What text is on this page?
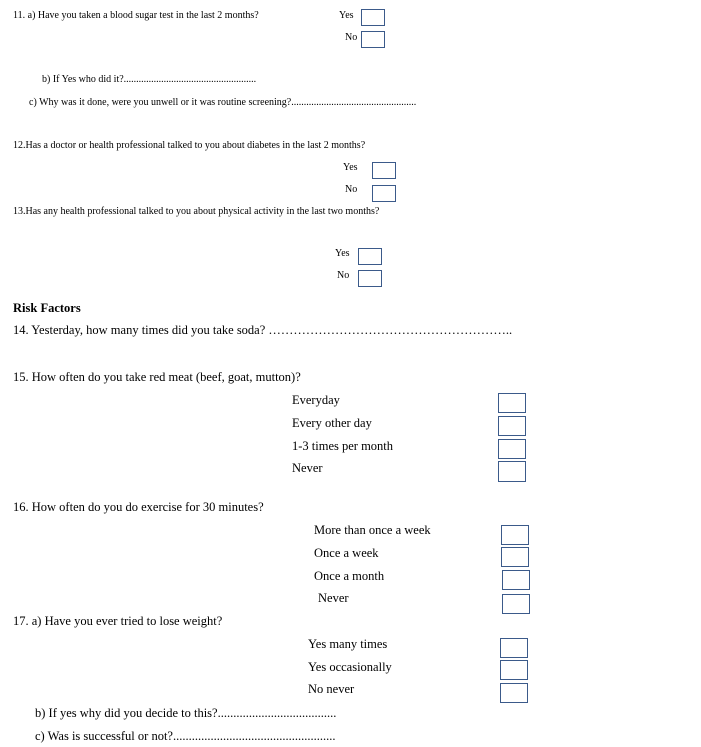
11. a) Have you taken a blood sugar test in the last 2 months?	Yes
No
b) If Yes who did it?.....................................................
c) Why was it done, were you unwell or it was routine screening?..................................................
12.Has a doctor or health professional talked to you about diabetes in the last 2 months?
Yes
No
13.Has any health professional talked to you about physical activity in the last two months?
Yes
No
Risk Factors
14. Yesterday, how many times did you take soda? …………………………………………………..
15. How often do you take red meat (beef, goat, mutton)?
Everyday
Every other day
1-3 times per month
Never
16. How often do you do exercise for 30 minutes?
More than once a week
Once a week
Once a month
Never
17. a) Have you ever tried to lose weight?
Yes many times
Yes occasionally
No never
b) If yes why did you decide to this?......................................
c) Was is successful or not?....................................................
